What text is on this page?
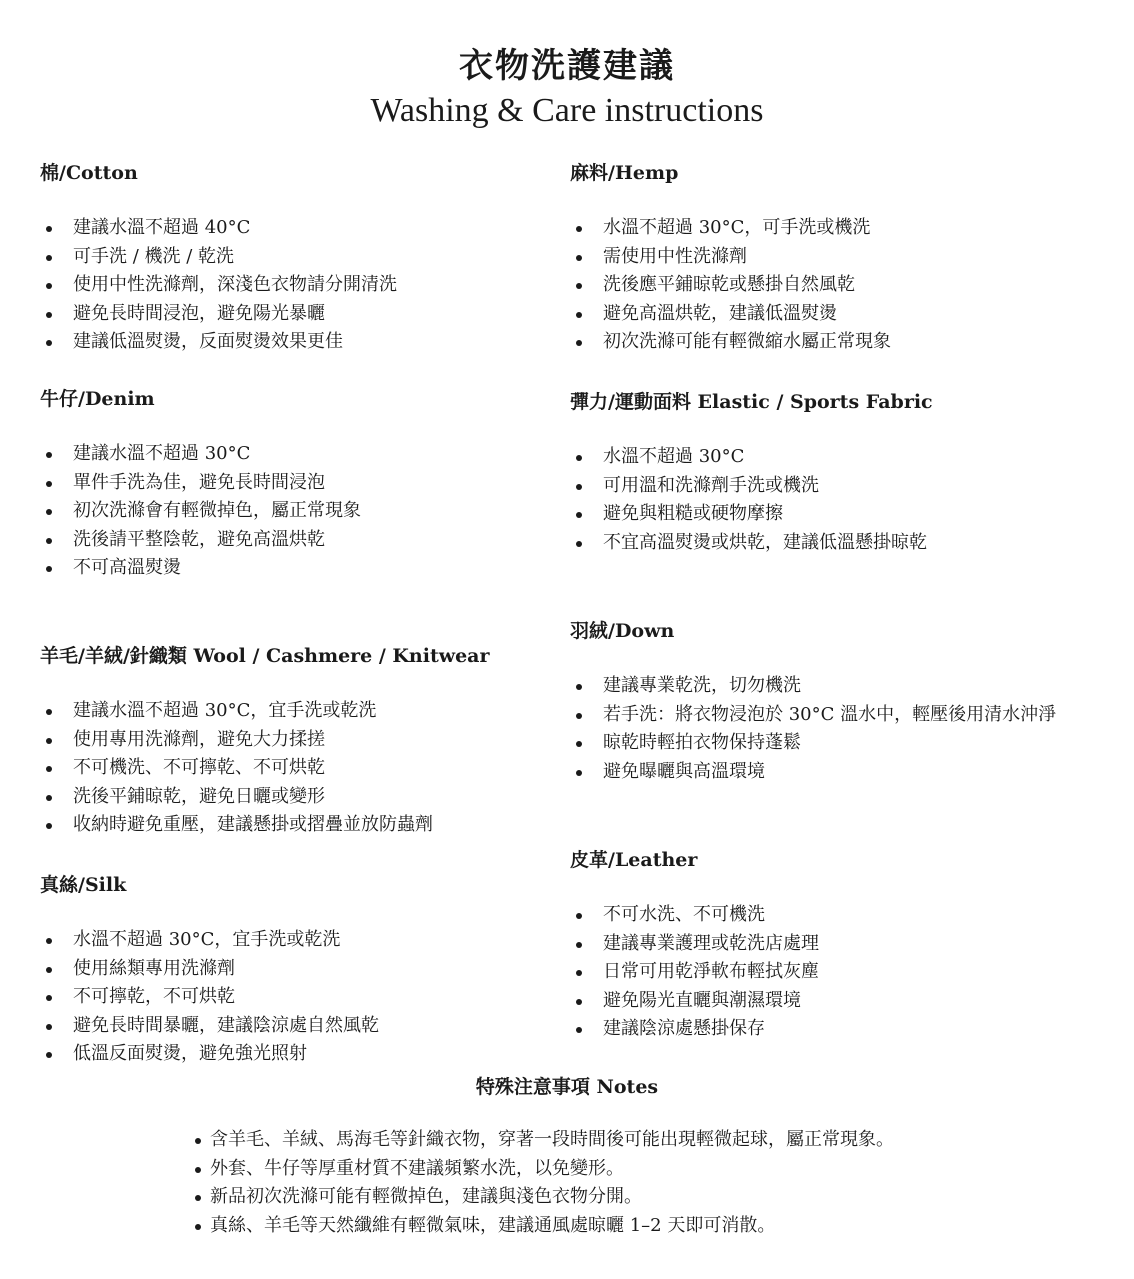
衣物洗護建議
Washing & Care instructions
棉/Cotton
建議水溫不超過 40°C
可手洗 / 機洗 / 乾洗
使用中性洗滌劑，深淺色衣物請分開清洗
避免長時間浸泡，避免陽光暴曬
建議低溫熨燙，反面熨燙效果更佳
牛仔/Denim
建議水溫不超過 30°C
單件手洗為佳，避免長時間浸泡
初次洗滌會有輕微掉色，屬正常現象
洗後請平整陰乾，避免高溫烘乾
不可高溫熨燙
羊毛/羊絨/針織類 Wool / Cashmere / Knitwear
建議水溫不超過 30°C，宜手洗或乾洗
使用專用洗滌劑，避免大力揉搓
不可機洗、不可擰乾、不可烘乾
洗後平鋪晾乾，避免日曬或變形
收納時避免重壓，建議懸掛或摺疊並放防蟲劑
真絲/Silk
水溫不超過 30°C，宜手洗或乾洗
使用絲類專用洗滌劑
不可擰乾，不可烘乾
避免長時間暴曬，建議陰涼處自然風乾
低溫反面熨燙，避免強光照射
麻料/Hemp
水溫不超過 30°C，可手洗或機洗
需使用中性洗滌劑
洗後應平鋪晾乾或懸掛自然風乾
避免高溫烘乾，建議低溫熨燙
初次洗滌可能有輕微縮水屬正常現象
彈力/運動面料 Elastic / Sports Fabric
水溫不超過 30°C
可用溫和洗滌劑手洗或機洗
避免與粗糙或硬物摩擦
不宜高溫熨燙或烘乾，建議低溫懸掛晾乾
羽絨/Down
建議專業乾洗，切勿機洗
若手洗：將衣物浸泡於 30°C 溫水中，輕壓後用清水沖淨
晾乾時輕拍衣物保持蓬鬆
避免曝曬與高溫環境
皮革/Leather
不可水洗、不可機洗
建議專業護理或乾洗店處理
日常可用乾淨軟布輕拭灰塵
避免陽光直曬與潮濕環境
建議陰涼處懸掛保存
特殊注意事項 Notes
含羊毛、羊絨、馬海毛等針織衣物，穿著一段時間後可能出現輕微起球，屬正常現象。
外套、牛仔等厚重材質不建議頻繁水洗，以免變形。
新品初次洗滌可能有輕微掉色，建議與淺色衣物分開。
真絲、羊毛等天然纖維有輕微氣味，建議通風處晾曬 1–2 天即可消散。
